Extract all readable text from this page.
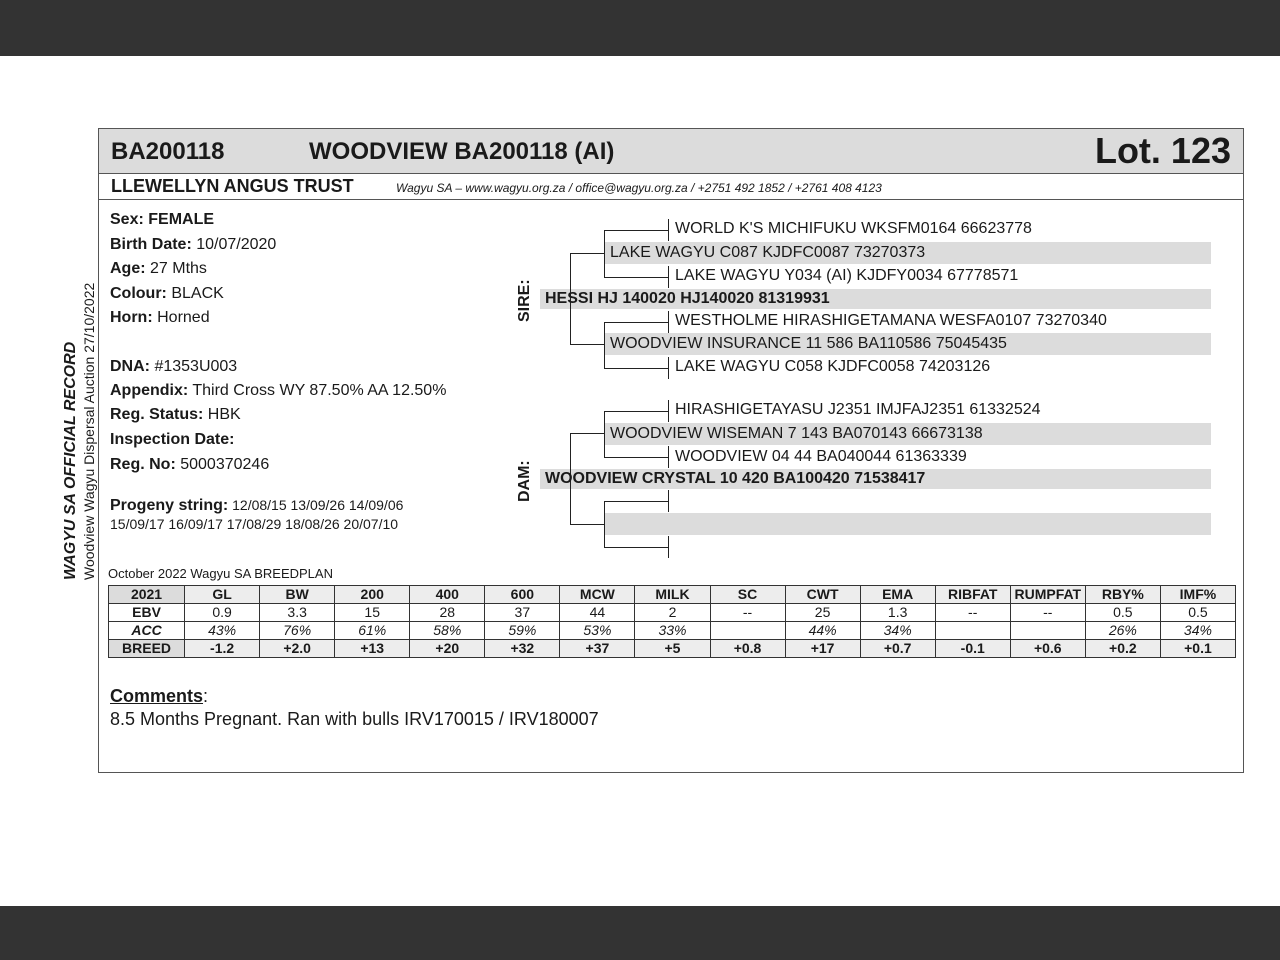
BA200118	WOODVIEW BA200118 (AI)	Lot. 123
LLEWELLYN ANGUS TRUST	Wagyu SA – www.wagyu.org.za / office@wagyu.org.za / +2751 492 1852 / +2761 408 4123
WAGYU SA OFFICIAL RECORD Woodview Wagyu Dispersal Auction 27/10/2022
Sex: FEMALE
Birth Date: 10/07/2020
Age: 27 Mths
Colour: BLACK
Horn: Horned
DNA: #1353U003
Appendix: Third Cross WY 87.50% AA 12.50%
Reg. Status: HBK
Inspection Date:
Reg. No: 5000370246
Progeny string: 12/08/15 13/09/26 14/09/06
15/09/17 16/09/17 17/08/29 18/08/26 20/07/10
SIRE:
DAM:
WORLD K'S MICHIFUKU WKSFM0164 66623778
LAKE WAGYU C087 KJDFC0087 73270373
LAKE WAGYU Y034 (AI) KJDFY0034 67778571
HESSI HJ 140020 HJ140020 81319931
WESTHOLME HIRASHIGETAMANA WESFA0107 73270340
WOODVIEW INSURANCE 11 586 BA110586 75045435
LAKE WAGYU C058 KJDFC0058 74203126
HIRASHIGETAYASU J2351 IMJFAJ2351 61332524
WOODVIEW WISEMAN 7 143 BA070143 66673138
WOODVIEW 04 44 BA040044 61363339
WOODVIEW CRYSTAL 10 420 BA100420 71538417
October 2022 Wagyu SA BREEDPLAN
2021	GL	BW	200	400	600	MCW	MILK	SC	CWT	EMA	RIBFAT	RUMPFAT	RBY%	IMF%
EBV	0.9	3.3	15	28	37	44	2	--	25	1.3	--	--	0.5	0.5
ACC	43%	76%	61%	58%	59%	53%	33%		44%	34%			26%	34%
BREED	-1.2	+2.0	+13	+20	+32	+37	+5	+0.8	+17	+0.7	-0.1	+0.6	+0.2	+0.1
Comments:
8.5 Months Pregnant. Ran with bulls IRV170015 / IRV180007
